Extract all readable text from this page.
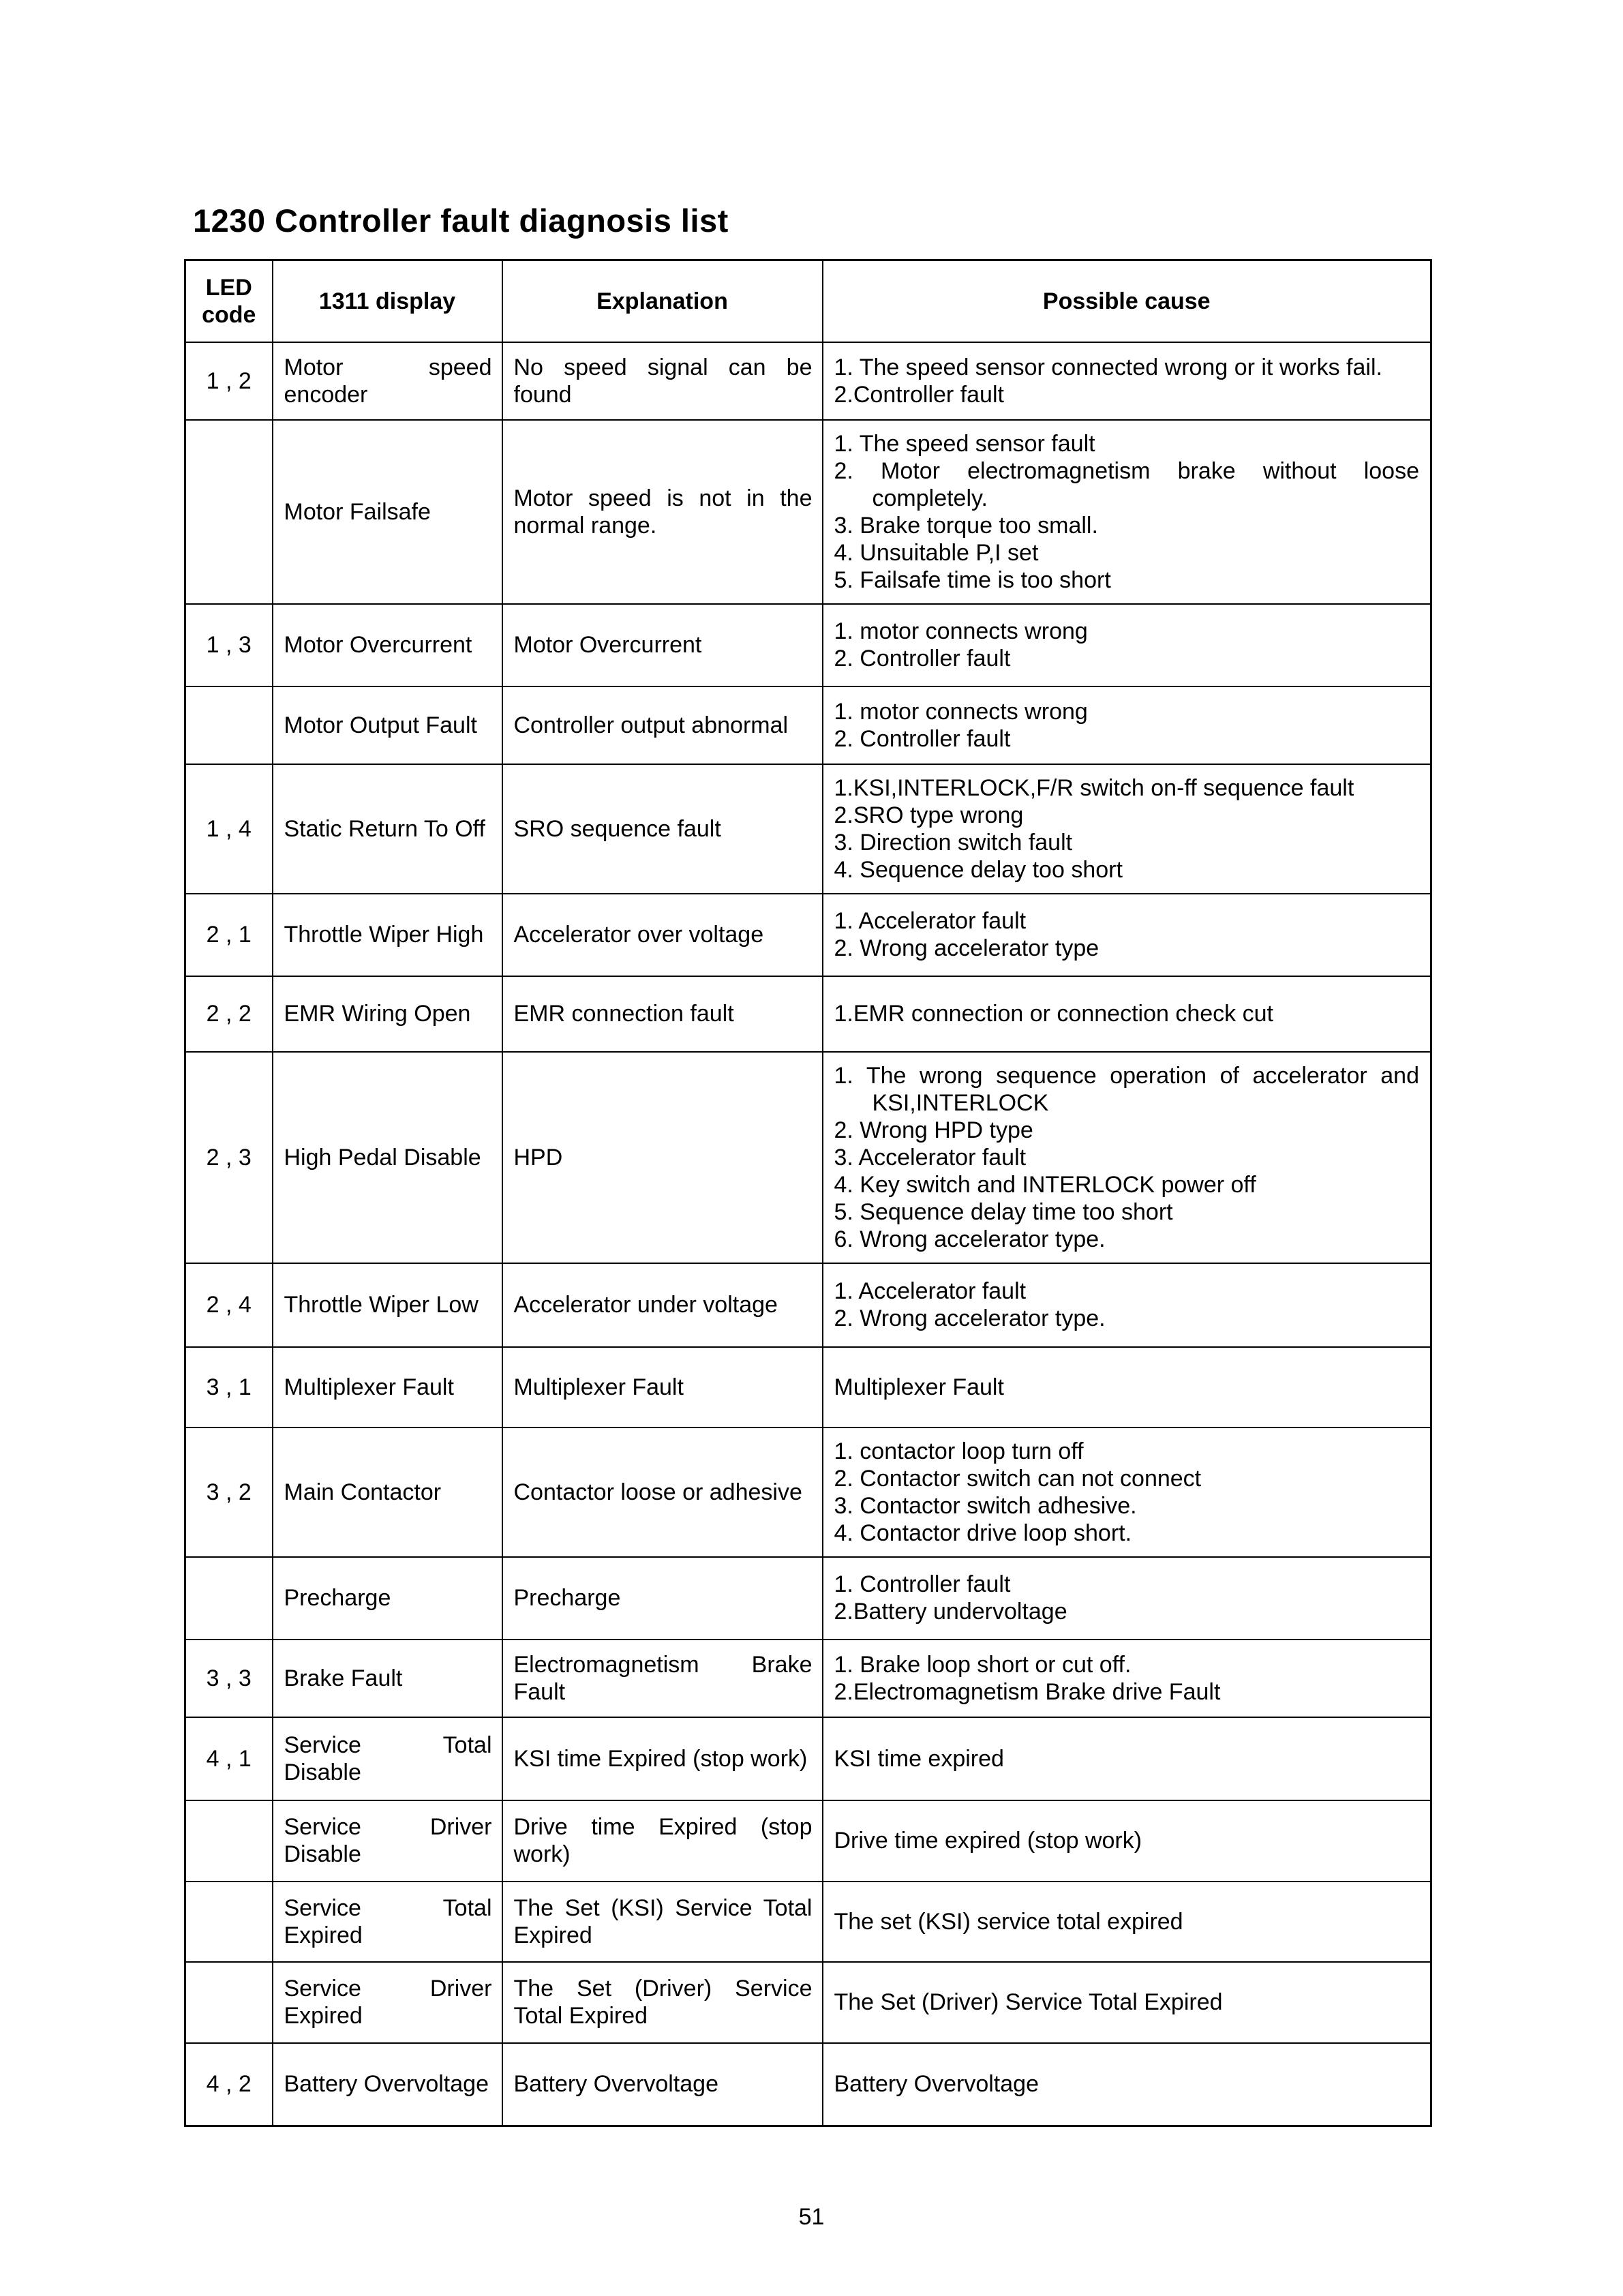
1230 Controller fault diagnosis list
LED code	1311 display	Explanation	Possible cause
1 , 2	Motor speed encoder	No speed signal can be found	1. The speed sensor connected wrong or it works fail.
2.Controller fault

	Motor Failsafe	Motor speed is not in the normal range.	1. The speed sensor fault
2. Motor electromagnetism brake without loose completely.
3. Brake torque too small.
4. Unsuitable P,I set
5. Failsafe time is too short

1 , 3	Motor Overcurrent	Motor Overcurrent	1. motor connects wrong
2. Controller fault

	Motor Output Fault	Controller output abnormal	1. motor connects wrong
2. Controller fault

1 , 4	Static Return To Off	SRO sequence fault	1.KSI,INTERLOCK,F/R switch on-ff sequence fault
2.SRO type wrong
3. Direction switch fault
4. Sequence delay too short

2 , 1	Throttle Wiper High	Accelerator over voltage	1. Accelerator fault
2. Wrong accelerator type

2 , 2	EMR Wiring Open	EMR connection fault	1.EMR connection or connection check cut

2 , 3	High Pedal Disable	HPD	
1. The wrong sequence operation of accelerator and KSI,INTERLOCK
2. Wrong HPD type
3. Accelerator fault
4. Key switch and INTERLOCK power off
5. Sequence delay time too short
6. Wrong accelerator type.

2 , 4	Throttle Wiper Low	Accelerator under voltage	1. Accelerator fault
2. Wrong accelerator type.

3 , 1	Multiplexer Fault	Multiplexer Fault	Multiplexer Fault

3 , 2	Main Contactor	Contactor loose or adhesive	1. contactor loop turn off
2. Contactor switch can not connect
3. Contactor switch adhesive.
4. Contactor drive loop short.

	Precharge	Precharge	1. Controller fault
2.Battery undervoltage

3 , 3	Brake Fault	Electromagnetism Brake Fault	1. Brake loop short or cut off.
2.Electromagnetism Brake drive Fault

4 , 1	Service Total Disable	KSI time Expired (stop work)	KSI time expired

	Service Driver Disable	Drive time Expired (stop work)	Drive time expired (stop work)

	Service Total Expired	The Set (KSI) Service Total Expired	The set (KSI) service total expired

	Service Driver Expired	The Set (Driver) Service Total Expired	The Set (Driver) Service Total Expired

4 , 2	Battery Overvoltage	Battery Overvoltage	Battery Overvoltage
51
